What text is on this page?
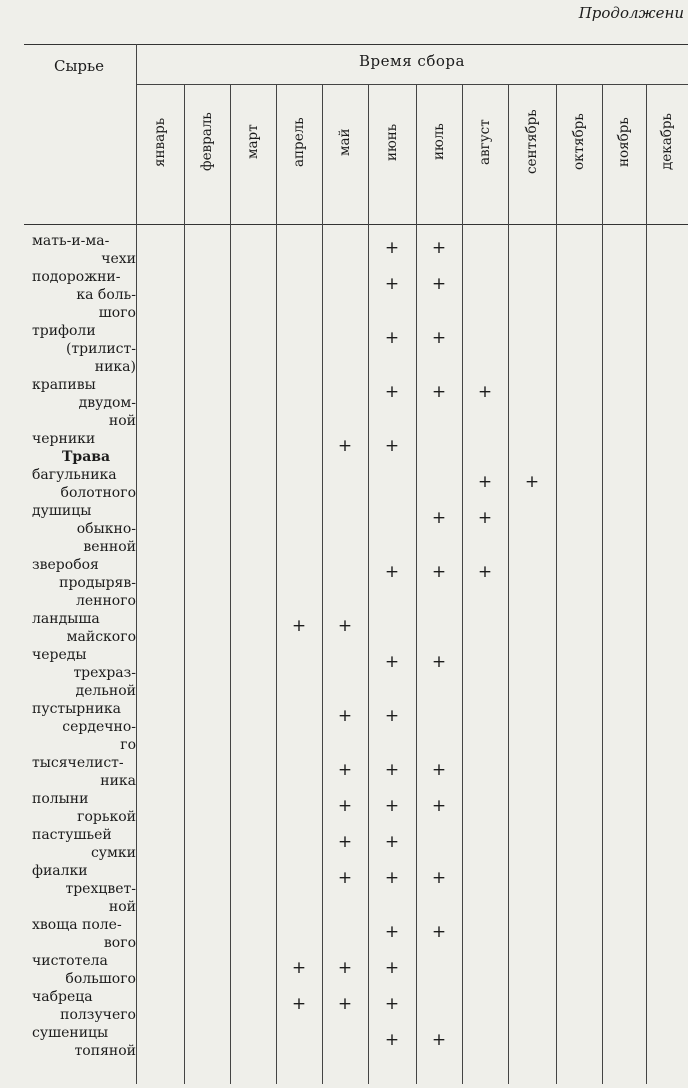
Продолжени
Сырье	Время сбора
январь февраль март апрель май июнь июль август сентябрь октябрь ноябрь декабрь
мать-и-ма-
чехи
подорожни-
ка боль-
шого
трифоли
(трилист-
ника)
крапивы
двудом-
ной
черники
Трава
багульника
болотного
душицы
обыкно-
венной
зверобоя
продыряв-
ленного
ландыша
майского
череды
трехраз-
дельной
пустырника
сердечно-
го
тысячелист-
ника
полыни
горькой
пастушьей
сумки
фиалки
трехцвет-
ной
хвоща поле-
вого
чистотела
большого
чабреца
ползучего
сушеницы
топяной
+ +
+ +
+ +
+ + +
+ +
+ +
+ +
+ + +
+ +
+ +
+ +
+ + +
+ + +
+ +
+ + +
+ +
+ + +
+ + +
+ +
